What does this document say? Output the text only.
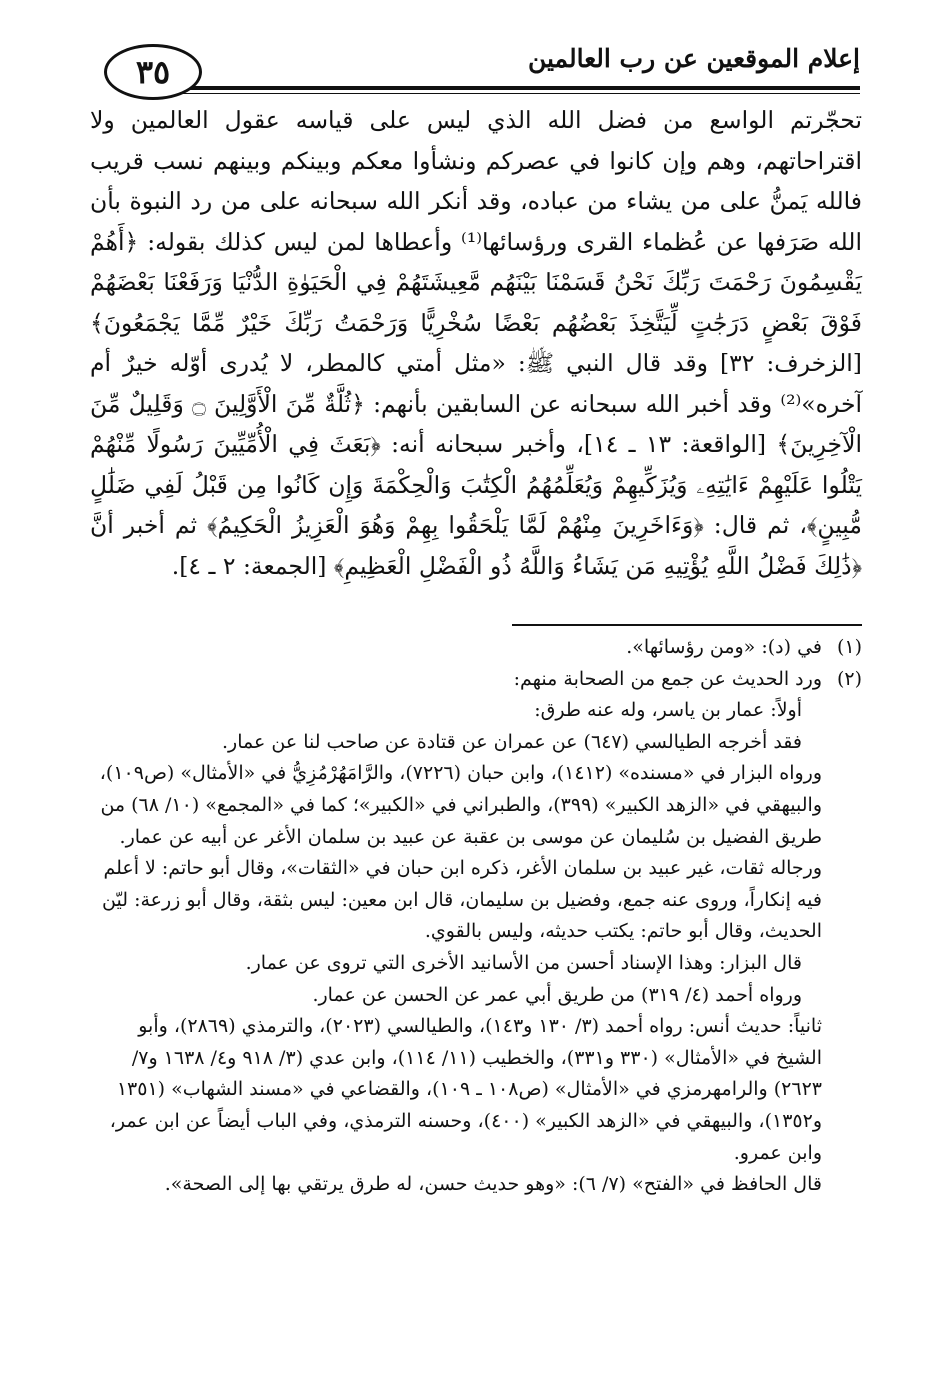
إعلام الموقعين عن رب العالمين
٣٥

تحجّرتم الواسع من فضل الله الذي ليس على قياسه عقول العالمين ولا اقتراحاتهم، وهم وإن كانوا في عصركم ونشأوا معكم وبينكم وبينهم نسب قريب فالله يَمنُّ على من يشاء من عباده، وقد أنكر الله سبحانه على من رد النبوة بأن الله صَرَفها عن عُظماء القرى ورؤسائها⁽¹⁾ وأعطاها لمن ليس كذلك بقوله: ﴿أَهُمْ يَقْسِمُونَ رَحْمَتَ رَبِّكَ نَحْنُ قَسَمْنَا بَيْنَهُم مَّعِيشَتَهُمْ فِي الْحَيَوٰةِ الدُّنْيَا وَرَفَعْنَا بَعْضَهُمْ فَوْقَ بَعْضٍ دَرَجَٰتٍ لِّيَتَّخِذَ بَعْضُهُم بَعْضًا سُخْرِيًّا وَرَحْمَتُ رَبِّكَ خَيْرٌ مِّمَّا يَجْمَعُونَ﴾ [الزخرف: ٣٢] وقد قال النبي ﷺ: «مثل أمتي كالمطر، لا يُدرى أوّله خيرٌ أم آخره»⁽²⁾ وقد أخبر الله سبحانه عن السابقين بأنهم: ﴿ثُلَّةٌ مِّنَ الْأَوَّلِينَ ۝ وَقَلِيلٌ مِّنَ الْآخِرِينَ﴾ [الواقعة: ١٣ ـ ١٤]، وأخبر سبحانه أنه: ﴿بَعَثَ فِي الْأُمِّيِّينَ رَسُولًا مِّنْهُمْ يَتْلُوا عَلَيْهِمْ ءَايَٰتِهِۦ وَيُزَكِّيهِمْ وَيُعَلِّمُهُمُ الْكِتَٰبَ وَالْحِكْمَةَ وَإِن كَانُوا مِن قَبْلُ لَفِي ضَلَٰلٍ مُّبِينٍ﴾، ثم قال: ﴿وَءَاخَرِينَ مِنْهُمْ لَمَّا يَلْحَقُوا بِهِمْ وَهُوَ الْعَزِيزُ الْحَكِيمُ﴾ ثم أخبر أنَّ ﴿ذَٰلِكَ فَضْلُ اللَّهِ يُؤْتِيهِ مَن يَشَاءُ وَاللَّهُ ذُو الْفَضْلِ الْعَظِيمِ﴾ [الجمعة: ٢ ـ ٤].

(١)
في (د): «ومن رؤسائها».
(٢)
ورد الحديث عن جمع من الصحابة منهم:
أولاً: عمار بن ياسر، وله عنه طرق:
فقد أخرجه الطيالسي (٦٤٧) عن عمران عن قتادة عن صاحب لنا عن عمار.
ورواه البزار في «مسنده» (١٤١٢)، وابن حبان (٧٢٢٦)، والرَّامَهُرْمُزِيُّ في «الأمثال» (ص١٠٩)، والبيهقي في «الزهد الكبير» (٣٩٩)، والطبراني في «الكبير»؛ كما في «المجمع» (١٠/ ٦٨) من طريق الفضيل بن سُليمان عن موسى بن عقبة عن عبيد بن سلمان الأغر عن أبيه عن عمار.
ورجاله ثقات، غير عبيد بن سلمان الأغر، ذكره ابن حبان في «الثقات»، وقال أبو حاتم: لا أعلم فيه إنكاراً، وروى عنه جمع، وفضيل بن سليمان، قال ابن معين: ليس بثقة، وقال أبو زرعة: ليّن الحديث، وقال أبو حاتم: يكتب حديثه، وليس بالقوي.
قال البزار: وهذا الإسناد أحسن من الأسانيد الأخرى التي تروى عن عمار.
ورواه أحمد (٤/ ٣١٩) من طريق أبي عمر عن الحسن عن عمار.
ثانياً: حديث أنس: رواه أحمد (٣/ ١٣٠ و١٤٣)، والطيالسي (٢٠٢٣)، والترمذي (٢٨٦٩)، وأبو الشيخ في «الأمثال» (٣٣٠ و٣٣١)، والخطيب (١١/ ١١٤)، وابن عدي (٣/ ٩١٨ و٤/ ١٦٣٨ و٧/ ٢٦٢٣) والرامهرمزي في «الأمثال» (ص١٠٨ ـ ١٠٩)، والقضاعي في «مسند الشهاب» (١٣٥١ و١٣٥٢)، والبيهقي في «الزهد الكبير» (٤٠٠)، وحسنه الترمذي، وفي الباب أيضاً عن ابن عمر، وابن عمرو.
قال الحافظ في «الفتح» (٧/ ٦): «وهو حديث حسن، له طرق يرتقي بها إلى الصحة».
